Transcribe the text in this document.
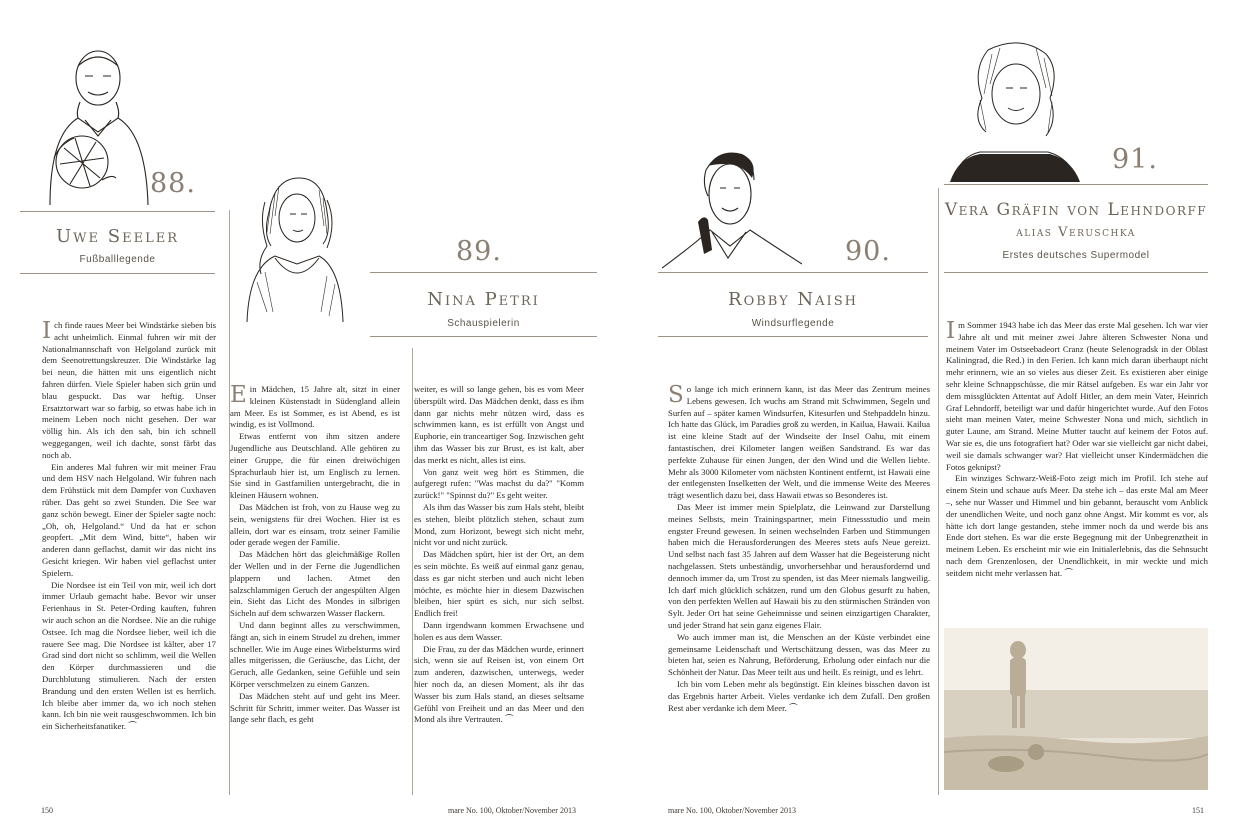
88.
Uwe Seeler
Fußballlegende	89.
Nina Petri
Schauspielerin

Ich finde raues Meer bei Windstärke sieben bis acht unheimlich. Einmal fuhren wir mit der Nationalmannschaft von Helgoland zurück mit dem Seenotrettungskreuzer. Die Windstärke lag bei neun, die hätten mit uns eigentlich nicht fahren dürfen. Viele Spieler haben sich grün und blau gespuckt. Das war heftig. Unser Ersatztorwart war so farbig, so etwas habe ich in meinem Leben noch nicht gesehen. Der war völlig hin. Als ich den sah, bin ich schnell weggegangen, weil ich dachte, sonst färbt das noch ab.

Ein anderes Mal fuhren wir mit meiner Frau und dem HSV nach Helgoland. Wir fuhren nach dem Frühstück mit dem Dampfer von Cuxhaven rüber. Das geht so zwei Stunden. Die See war ganz schön bewegt. Einer der Spieler sagte noch: „Oh, oh, Helgoland.“ Und da hat er schon geopfert. „Mit dem Wind, bitte“, haben wir anderen dann geflachst, damit wir das nicht ins Gesicht kriegen. Wir haben viel geflachst unter Spielern.

Die Nordsee ist ein Teil von mir, weil ich dort immer Urlaub gemacht habe. Bevor wir unser Ferienhaus in St. Peter-Ording kauften, fuhren wir auch schon an die Nordsee. Nie an die ruhige Ostsee. Ich mag die Nordsee lieber, weil ich die rauere See mag. Die Nordsee ist kälter, aber 17 Grad sind dort nicht so schlimm, weil die Wellen den Körper durchmassieren und die Durchblutung stimulieren. Nach der ersten Brandung und den ersten Wellen ist es herrlich. Ich bleibe aber immer da, wo ich noch stehen kann. Ich bin nie weit rausgeschwommen. Ich bin ein Sicherheitsfanatiker. ⏜

Ein Mädchen, 15 Jahre alt, sitzt in einer kleinen Küstenstadt in Südengland allein am Meer. Es ist Sommer, es ist Abend, es ist windig, es ist Vollmond.

Etwas entfernt von ihm sitzen andere Jugendliche aus Deutschland. Alle gehören zu einer Gruppe, die für einen dreiwöchigen Sprachurlaub hier ist, um Englisch zu lernen. Sie sind in Gastfamilien untergebracht, die in kleinen Häusern wohnen.

Das Mädchen ist froh, von zu Hause weg zu sein, wenigstens für drei Wochen. Hier ist es allein, dort war es einsam, trotz seiner Familie oder gerade wegen der Familie.

Das Mädchen hört das gleichmäßige Rollen der Wellen und in der Ferne die Jugendlichen plappern und lachen. Atmet den salzschlammigen Geruch der angespülten Algen ein. Sieht das Licht des Mondes in silbrigen Sicheln auf dem schwarzen Wasser flackern.

Und dann beginnt alles zu verschwimmen, fängt an, sich in einem Strudel zu drehen, immer schneller. Wie im Auge eines Wirbelsturms wird alles mitgerissen, die Geräusche, das Licht, der Geruch, alle Gedanken, seine Gefühle und sein Körper verschmelzen zu einem Ganzen.

Das Mädchen steht auf und geht ins Meer. Schritt für Schritt, immer weiter. Das Wasser ist lange sehr flach, es geht

weiter, es will so lange gehen, bis es vom Meer überspült wird. Das Mädchen denkt, dass es ihm dann gar nichts mehr nützen wird, dass es schwimmen kann, es ist erfüllt von Angst und Euphorie, ein tranceartiger Sog. Inzwischen geht ihm das Wasser bis zur Brust, es ist kalt, aber das merkt es nicht, alles ist eins.

Von ganz weit weg hört es Stimmen, die aufgeregt rufen: "Was machst du da?" "Komm zurück!" "Spinnst du?" Es geht weiter.

Als ihm das Wasser bis zum Hals steht, bleibt es stehen, bleibt plötzlich stehen, schaut zum Mond, zum Horizont, bewegt sich nicht mehr, nicht vor und nicht zurück.

Das Mädchen spürt, hier ist der Ort, an dem es sein möchte. Es weiß auf einmal ganz genau, dass es gar nicht sterben und auch nicht leben möchte, es möchte hier in diesem Dazwischen bleiben, hier spürt es sich, nur sich selbst. Endlich frei!

Dann irgendwann kommen Erwachsene und holen es aus dem Wasser.

Die Frau, zu der das Mädchen wurde, erinnert sich, wenn sie auf Reisen ist, von einem Ort zum anderen, dazwischen, unterwegs, weder hier noch da, an diesen Moment, als ihr das Wasser bis zum Hals stand, an dieses seltsame Gefühl von Freiheit und an das Meer und den Mond als ihre Vertrauten. ⏜

150	mare No. 100, Oktober/November 2013
90.
Robby Naish
Windsurflegende
91.
Vera Gräfin von Lehndorff
alias Veruschka
Erstes deutsches Supermodel

So lange ich mich erinnern kann, ist das Meer das Zentrum meines Lebens gewesen. Ich wuchs am Strand mit Schwimmen, Segeln und Surfen auf – später kamen Windsurfen, Kitesurfen und Stehpaddeln hinzu. Ich hatte das Glück, im Paradies groß zu werden, in Kailua, Hawaii. Kailua ist eine kleine Stadt auf der Windseite der Insel Oahu, mit einem fantastischen, drei Kilometer langen weißen Sandstrand. Es war das perfekte Zuhause für einen Jungen, der den Wind und die Wellen liebte. Mehr als 3000 Kilometer vom nächsten Kontinent entfernt, ist Hawaii eine der entlegensten Inselketten der Welt, und die immense Weite des Meeres trägt wesentlich dazu bei, dass Hawaii etwas so Besonderes ist.

Das Meer ist immer mein Spielplatz, die Leinwand zur Darstellung meines Selbsts, mein Trainingspartner, mein Fitnessstudio und mein engster Freund gewesen. In seinen wechselnden Farben und Stimmungen haben mich die Herausforderungen des Meeres stets aufs Neue gereizt. Und selbst nach fast 35 Jahren auf dem Wasser hat die Begeisterung nicht nachgelassen. Stets unbeständig, unvorhersehbar und herausfordernd und dennoch immer da, um Trost zu spenden, ist das Meer niemals langweilig. Ich darf mich glücklich schätzen, rund um den Globus gesurft zu haben, von den perfekten Wellen auf Hawaii bis zu den stürmischen Stränden von Sylt. Jeder Ort hat seine Geheimnisse und seinen einzigartigen Charakter, und jeder Strand hat sein ganz eigenes Flair.

Wo auch immer man ist, die Menschen an der Küste verbindet eine gemeinsame Leidenschaft und Wertschätzung dessen, was das Meer zu bieten hat, seien es Nahrung, Beförderung, Erholung oder einfach nur die Schönheit der Natur. Das Meer teilt aus und heilt. Es reinigt, und es lehrt.

Ich bin vom Leben mehr als begünstigt. Ein kleines bisschen davon ist das Ergebnis harter Arbeit. Vieles verdanke ich dem Zufall. Den großen Rest aber verdanke ich dem Meer. ⏜

Im Sommer 1943 habe ich das Meer das erste Mal gesehen. Ich war vier Jahre alt und mit meiner zwei Jahre älteren Schwester Nona und meinem Vater im Ostseebadeort Cranz (heute Selenogradsk in der Oblast Kaliningrad, die Red.) in den Ferien. Ich kann mich daran überhaupt nicht mehr erinnern, wie an so vieles aus dieser Zeit. Es existieren aber einige sehr kleine Schnappschüsse, die mir Rätsel aufgeben. Es war ein Jahr vor dem missglückten Attentat auf Adolf Hitler, an dem mein Vater, Heinrich Graf Lehndorff, beteiligt war und dafür hingerichtet wurde. Auf den Fotos sieht man meinen Vater, meine Schwester Nona und mich, sichtlich in guter Laune, am Strand. Meine Mutter taucht auf keinem der Fotos auf. War sie es, die uns fotografiert hat? Oder war sie vielleicht gar nicht dabei, weil sie damals schwanger war? Hat vielleicht unser Kindermädchen die Fotos geknipst?

Ein winziges Schwarz-Weiß-Foto zeigt mich im Profil. Ich stehe auf einem Stein und schaue aufs Meer. Da stehe ich – das erste Mal am Meer –, sehe nur Wasser und Himmel und bin gebannt, berauscht vom Anblick der unendlichen Weite, und noch ganz ohne Angst. Mir kommt es vor, als hätte ich dort lange gestanden, stehe immer noch da und werde bis ans Ende dort stehen. Es war die erste Begegnung mit der Unbegrenztheit in meinem Leben. Es erscheint mir wie ein Initialerlebnis, das die Sehnsucht nach dem Grenzenlosen, der Unendlichkeit, in mir weckte und mich seitdem nicht mehr verlassen hat. ⏜

mare No. 100, Oktober/November 2013	151
